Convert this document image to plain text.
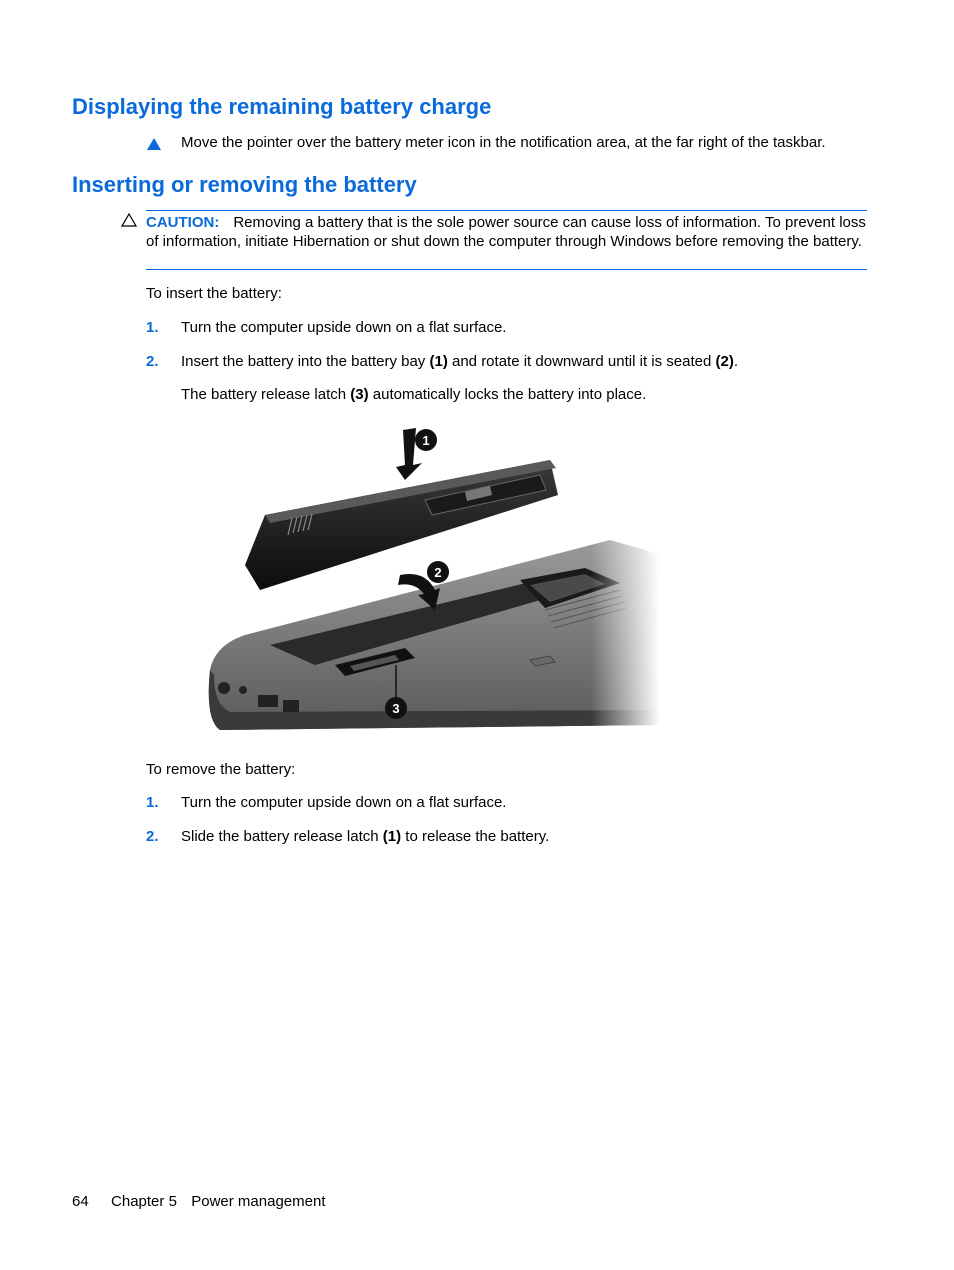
Displaying the remaining battery charge
Move the pointer over the battery meter icon in the notification area, at the far right of the taskbar.
Inserting or removing the battery

CAUTION: Removing a battery that is the sole power source can cause loss of information. To prevent loss of information, initiate Hibernation or shut down the computer through Windows before removing the battery.

To insert the battery:
1. Turn the computer upside down on a flat surface.
2. Insert the battery into the battery bay (1) and rotate it downward until it is seated (2).
The battery release latch (3) automatically locks the battery into place.
To remove the battery:
1. Turn the computer upside down on a flat surface.
2. Slide the battery release latch (1) to release the battery.
64 Chapter 5 Power management
